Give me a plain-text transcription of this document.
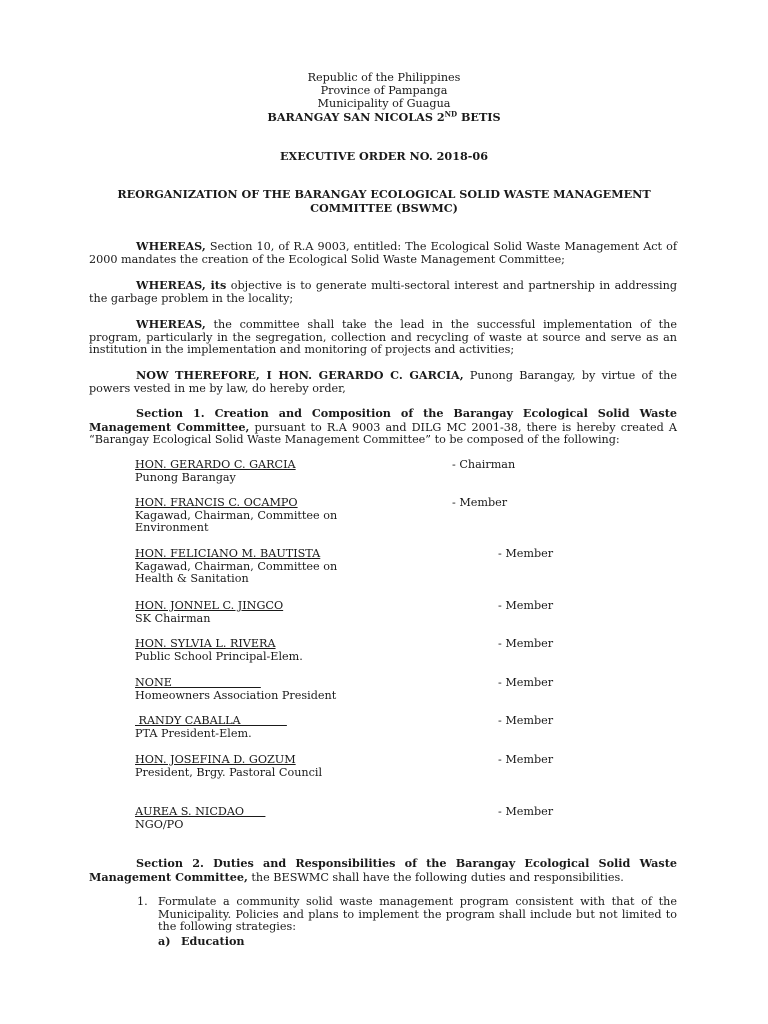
Republic of the Philippines
Province of Pampanga
Municipality of Guagua
BARANGAY SAN NICOLAS 2ND BETIS
EXECUTIVE ORDER NO. 2018-06
REORGANIZATION OF THE BARANGAY ECOLOGICAL SOLID WASTE MANAGEMENT
COMMITTEE (BSWMC)
WHEREAS, Section 10, of R.A 9003, entitled: The Ecological Solid Waste Management Act of 2000 mandates the creation of the Ecological Solid Waste Management Committee;
WHEREAS, its objective is to generate multi-sectoral interest and partnership in addressing the garbage problem in the locality;
WHEREAS, the committee shall take the lead in the successful implementation of the program, particularly in the segregation, collection and recycling of waste at source and serve as an institution in the implementation and monitoring of projects and activities;
NOW THEREFORE, I HON. GERARDO C. GARCIA, Punong Barangay, by virtue of the powers vested in me by law, do hereby order,
Section 1. Creation and Composition of the Barangay Ecological Solid Waste Management Committee, pursuant to R.A 9003 and DILG MC 2001-38, there is hereby created A “Barangay Ecological Solid Waste Management Committee” to be composed of the following:
HON. GERARDO C. GARCIA
Punong Barangay
- Chairman
HON. FRANCIS C. OCAMPO
Kagawad, Chairman, Committee on
Environment
- Member
HON. FELICIANO M. BAUTISTA
Kagawad, Chairman, Committee on
Health & Sanitation
- Member
HON. JONNEL C. JINGCO
SK Chairman
- Member
HON. SYLVIA L. RIVERA
Public School Principal-Elem.
- Member
NONE
Homeowners Association President
- Member
RANDY CABALLA
PTA President-Elem.
- Member
HON. JOSEFINA D. GOZUM
President, Brgy. Pastoral Council
- Member
AUREA S. NICDAO
NGO/PO
- Member
Section 2. Duties and Responsibilities of the Barangay Ecological Solid Waste Management Committee, the BESWMC shall have the following duties and responsibilities.
1. Formulate a community solid waste management program consistent with that of the Municipality. Policies and plans to implement the program shall include but not limited to the following strategies:
a) Education
